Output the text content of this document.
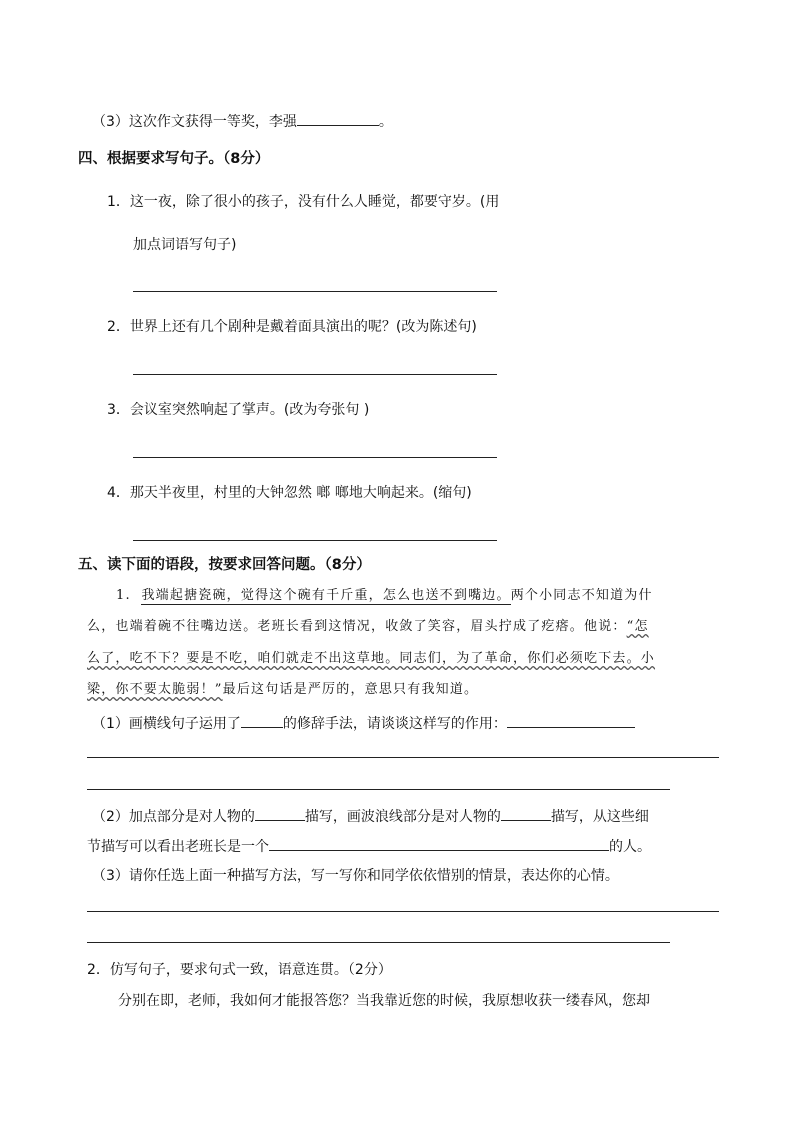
（3）这次作文获得一等奖，李强	。
四、根据要求写句子。（8分）
1．这一夜，除了很小的孩子，没有什么人睡觉，都要守岁。(用
加点词语写句子)
2．世界上还有几个剧种是戴着面具演出的呢？(改为陈述句)
3．会议室突然响起了掌声。(改为夸张句 )
4．那天半夜里，村里的大钟忽然 啷 啷地大响起来。(缩句)
五、读下面的语段，按要求回答问题。（8分）
1. 我端起搪瓷碗，觉得这个碗有千斤重，怎么也送不到嘴边。两个小同志不知道为什
么，也端着碗不往嘴边送。老班长看到这情况，收敛了笑容，眉头拧成了疙瘩。他说：“怎
么了，吃不下？要是不吃，咱们就走不出这草地。同志们，为了革命，你们必须吃下去。小
梁，你不要太脆弱！”最后这句话是严厉的，意思只有我知道。
（1）画横线句子运用了	的修辞手法，请谈谈这样写的作用：
（2）加点部分是对人物的	描写，画波浪线部分是对人物的	描写，从这些细
节描写可以看出老班长是一个	的人。
（3）请你任选上面一种描写方法，写一写你和同学依依惜别的情景，表达你的心情。
2．仿写句子，要求句式一致，语意连贯。（2分）
分别在即，老师，我如何才能报答您？当我靠近您的时候，我原想收获一缕春风，您却
